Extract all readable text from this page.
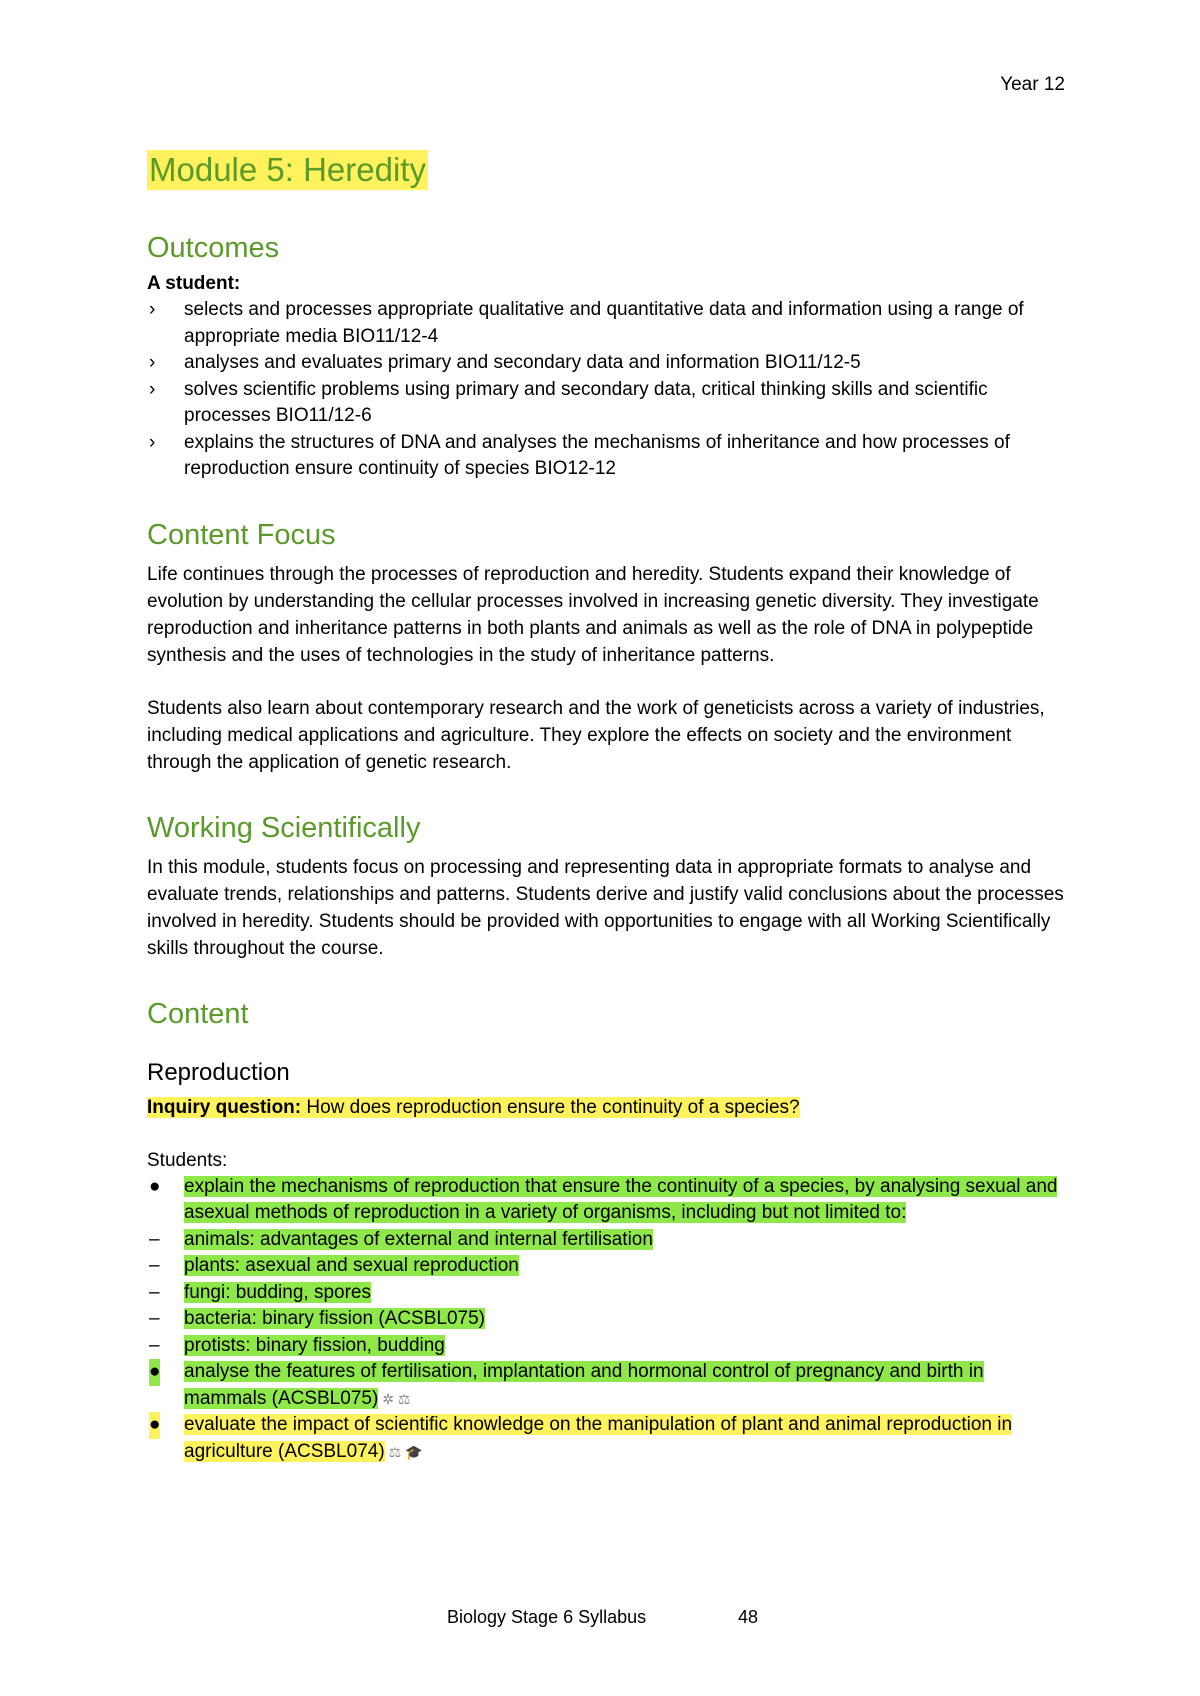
Year 12
Module 5: Heredity
Outcomes

A student:

› selects and processes appropriate qualitative and quantitative data and information using a range of appropriate media BIO11/12-4
› analyses and evaluates primary and secondary data and information BIO11/12-5
› solves scientific problems using primary and secondary data, critical thinking skills and scientific processes BIO11/12-6
› explains the structures of DNA and analyses the mechanisms of inheritance and how processes of reproduction ensure continuity of species BIO12-12
Content Focus

Life continues through the processes of reproduction and heredity. Students expand their knowledge of evolution by understanding the cellular processes involved in increasing genetic diversity. They investigate reproduction and inheritance patterns in both plants and animals as well as the role of DNA in polypeptide synthesis and the uses of technologies in the study of inheritance patterns.

Students also learn about contemporary research and the work of geneticists across a variety of industries, including medical applications and agriculture. They explore the effects on society and the environment through the application of genetic research.

Working Scientifically

In this module, students focus on processing and representing data in appropriate formats to analyse and evaluate trends, relationships and patterns. Students derive and justify valid conclusions about the processes involved in heredity. Students should be provided with opportunities to engage with all Working Scientifically skills throughout the course.

Content
Reproduction

Inquiry question: How does reproduction ensure the continuity of a species?

Students:

● explain the mechanisms of reproduction that ensure the continuity of a species, by analysing sexual and asexual methods of reproduction in a variety of organisms, including but not limited to:
– animals: advantages of external and internal fertilisation
– plants: asexual and sexual reproduction
– fungi: budding, spores
– bacteria: binary fission (ACSBL075)
– protists: binary fission, budding
● analyse the features of fertilisation, implantation and hormonal control of pregnancy and birth in mammals (ACSBL075) ✲ ⚖
● evaluate the impact of scientific knowledge on the manipulation of plant and animal reproduction in agriculture (ACSBL074) ⚖ 🎓
Biology Stage 6 Syllabus	48
